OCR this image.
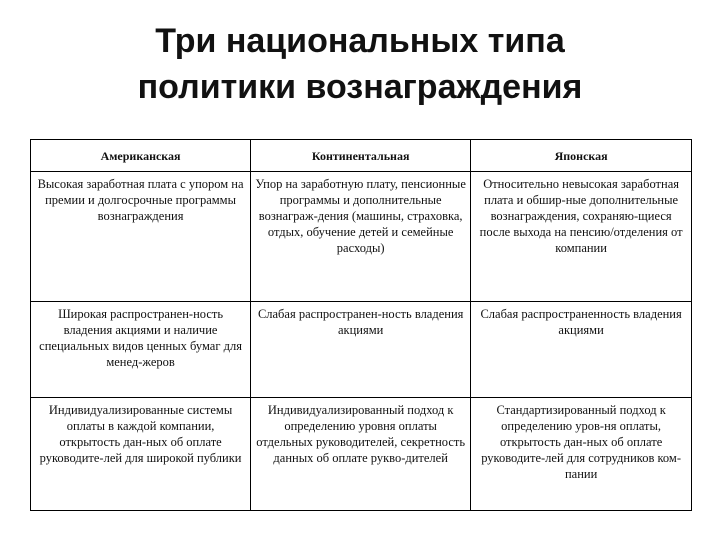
Три национальных типа
политики вознаграждения
Американская	Континентальная	Японская
Высокая заработная плата с упором на премии и долгосрочные программы вознаграждения	Упор на заработную плату, пенсионные программы и дополнительные вознаграж-дения (машины, страховка, отдых, обучение детей и семейные расходы)	Относительно невысокая заработная плата и обшир-ные дополнительные вознаграждения, сохраняю-щиеся после выхода на пенсию/отделения от компании
Широкая распространен-ность владения акциями и наличие специальных видов ценных бумаг для менед-жеров	Слабая распространен-ность владения акциями	Слабая распространенность владения акциями
Индивидуализированные системы оплаты в каждой компании, открытость дан-ных об оплате руководите-лей для широкой публики	Индивидуализированный подход к определению уровня оплаты отдельных руководителей, секретность данных об оплате рукво-дителей	Стандартизированный подход к определению уров-ня оплаты, открытость дан-ных об оплате руководите-лей для сотрудников ком-пании
